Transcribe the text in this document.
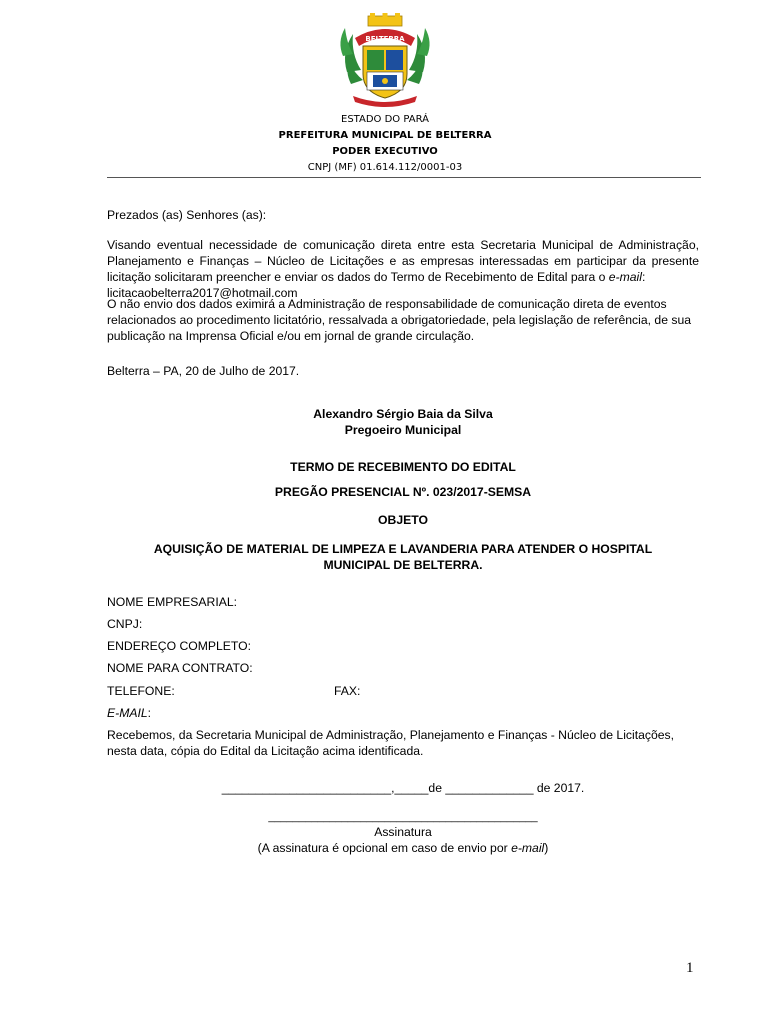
BELTERRA
ESTADO DO PARÁ
PREFEITURA MUNICIPAL DE BELTERRA
PODER EXECUTIVO
CNPJ (MF) 01.614.112/0001-03

Prezados (as) Senhores (as):

Visando eventual necessidade de comunicação direta entre esta Secretaria Municipal de Administração, Planejamento e Finanças – Núcleo de Licitações e as empresas interessadas em participar da presente licitação solicitaram preencher e enviar os dados do Termo de Recebimento de Edital para o e-mail:
licitacaobelterra2017@hotmail.com

O não envio dos dados eximirá a Administração de responsabilidade de comunicação direta de eventos relacionados ao procedimento licitatório, ressalvada a obrigatoriedade, pela legislação de referência, de sua publicação na Imprensa Oficial e/ou em jornal de grande circulação.

Belterra – PA, 20 de Julho de 2017.

Alexandro Sérgio Baia da Silva

Pregoeiro Municipal

TERMO DE RECEBIMENTO DO EDITAL

PREGÃO PRESENCIAL Nº. 023/2017-SEMSA

OBJETO

AQUISIÇÃO DE MATERIAL DE LIMPEZA E LAVANDERIA PARA ATENDER O HOSPITAL MUNICIPAL DE BELTERRA.

NOME EMPRESARIAL:
CNPJ:
ENDEREÇO COMPLETO:
NOME PARA CONTRATO:
TELEFONE:	FAX:
E-MAIL:

Recebemos, da Secretaria Municipal de Administração, Planejamento e Finanças - Núcleo de Licitações, nesta data, cópia do Edital da Licitação acima identificada.

_________________________,_____de _____________ de 2017.

____________________________________________

Assinatura

(A assinatura é opcional em caso de envio por e-mail)

1
